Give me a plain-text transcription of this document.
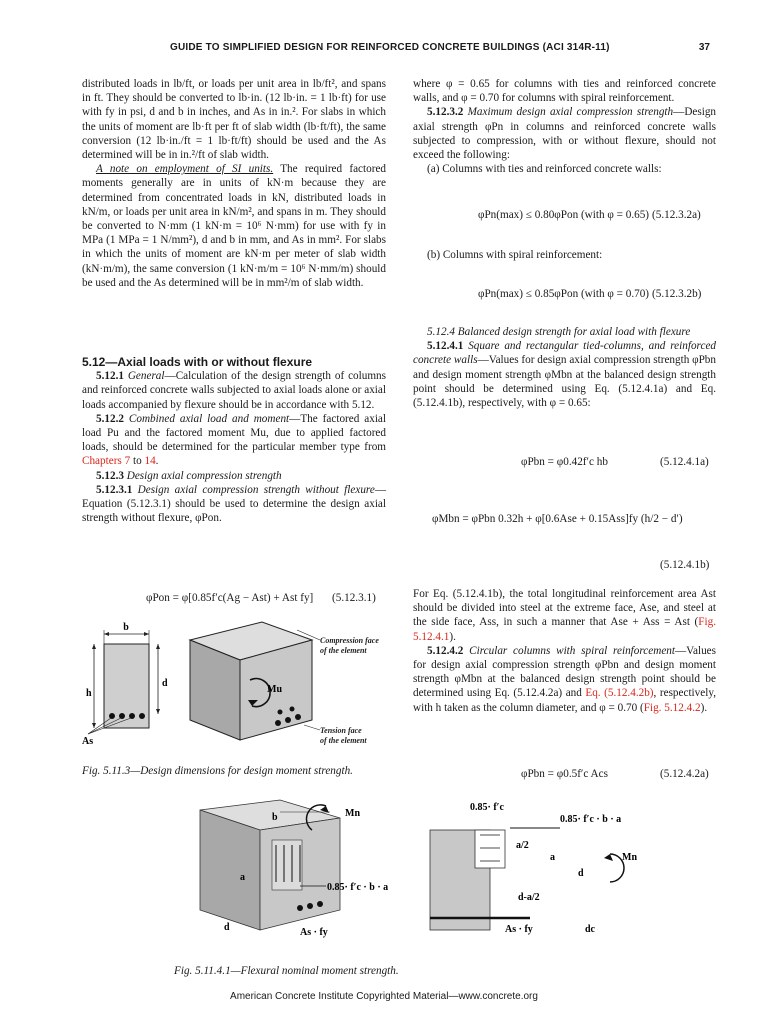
GUIDE TO SIMPLIFIED DESIGN FOR REINFORCED CONCRETE BUILDINGS (ACI 314R-11)	37

distributed loads in lb/ft, or loads per unit area in lb/ft², and spans in ft. They should be converted to lb·in. (12 lb·in. = 1 lb·ft) for use with fy in psi, d and b in inches, and As in in.². For slabs in which the units of moment are lb·ft per ft of slab width (lb·ft/ft), the same conversion (12 lb·in./ft = 1 lb·ft/ft) should be used and the As determined will be in in.²/ft of slab width.

A note on employment of SI units. The required factored moments generally are in units of kN·m because they are determined from concentrated loads in kN, distributed loads in kN/m, or loads per unit area in kN/m², and spans in m. They should be converted to N·mm (1 kN·m = 10⁶ N·mm) for use with fy in MPa (1 MPa = 1 N/mm²), d and b in mm, and As in mm². For slabs in which the units of moment are kN·m per meter of slab width (kN·m/m), the same conversion (1 kN·m/m = 10⁶ N·mm/m) should be used and the As determined will be in mm²/m of slab width.

5.12—Axial loads with or without flexure

5.12.1 General—Calculation of the design strength of columns and reinforced concrete walls subjected to axial loads alone or axial loads accompanied by flexure should be in accordance with 5.12.

5.12.2 Combined axial load and moment—The factored axial load Pu and the factored moment Mu, due to applied factored loads, should be determined for the particular member type from Chapters 7 to 14.

5.12.3 Design axial compression strength

5.12.3.1 Design axial compression strength without flexure—Equation (5.12.3.1) should be used to determine the design axial strength without flexure, φPon.

φPon = φ[0.85f′c(Ag − Ast) + Ast fy] (5.12.3.1)
b
h
d
As
Mu
Compression face
of the element
Tension face
of the element
Fig. 5.11.3—Design dimensions for design moment strength.

where φ = 0.65 for columns with ties and reinforced concrete walls, and φ = 0.70 for columns with spiral reinforcement.

5.12.3.2 Maximum design axial compression strength—Design axial strength φPn in columns and reinforced concrete walls subjected to compression, with or without flexure, should not exceed the following:

(a) Columns with ties and reinforced concrete walls:

φPn(max) ≤ 0.80φPon (with φ = 0.65) (5.12.3.2a)

(b) Columns with spiral reinforcement:

φPn(max) ≤ 0.85φPon (with φ = 0.70) (5.12.3.2b)

5.12.4 Balanced design strength for axial load with flexure

5.12.4.1 Square and rectangular tied-columns, and reinforced concrete walls—Values for design axial compression strength φPbn and design moment strength φMbn at the balanced design strength point should be determined using Eq. (5.12.4.1a) and Eq. (5.12.4.1b), respectively, with φ = 0.65:

φPbn = φ0.42f′c hb	(5.12.4.1a)
φMbn = φPbn 0.32h + φ[0.6Ase + 0.15Ass]fy (h/2 − d′)
(5.12.4.1b)

For Eq. (5.12.4.1b), the total longitudinal reinforcement area Ast should be divided into steel at the extreme face, Ase, and steel at the side face, Ass, in such a manner that Ase + Ass = Ast (Fig. 5.12.4.1).

5.12.4.2 Circular columns with spiral reinforcement—Values for design axial compression strength φPbn and design moment strength φMbn at the balanced design strength point should be determined using Eq. (5.12.4.2a) and Eq. (5.12.4.2b), respectively, with h taken as the column diameter, and φ = 0.70 (Fig. 5.12.4.2).

φPbn = φ0.5f′c Acs	(5.12.4.2a)
b	Mn
a
0.85· f′c · b · a
d	As · fy
0.85· f′c
0.85· f′c · b · a
a/2
a
d
d-a/2
As · fy	dc
Mn
Fig. 5.11.4.1—Flexural nominal moment strength.
American Concrete Institute Copyrighted Material—www.concrete.org
